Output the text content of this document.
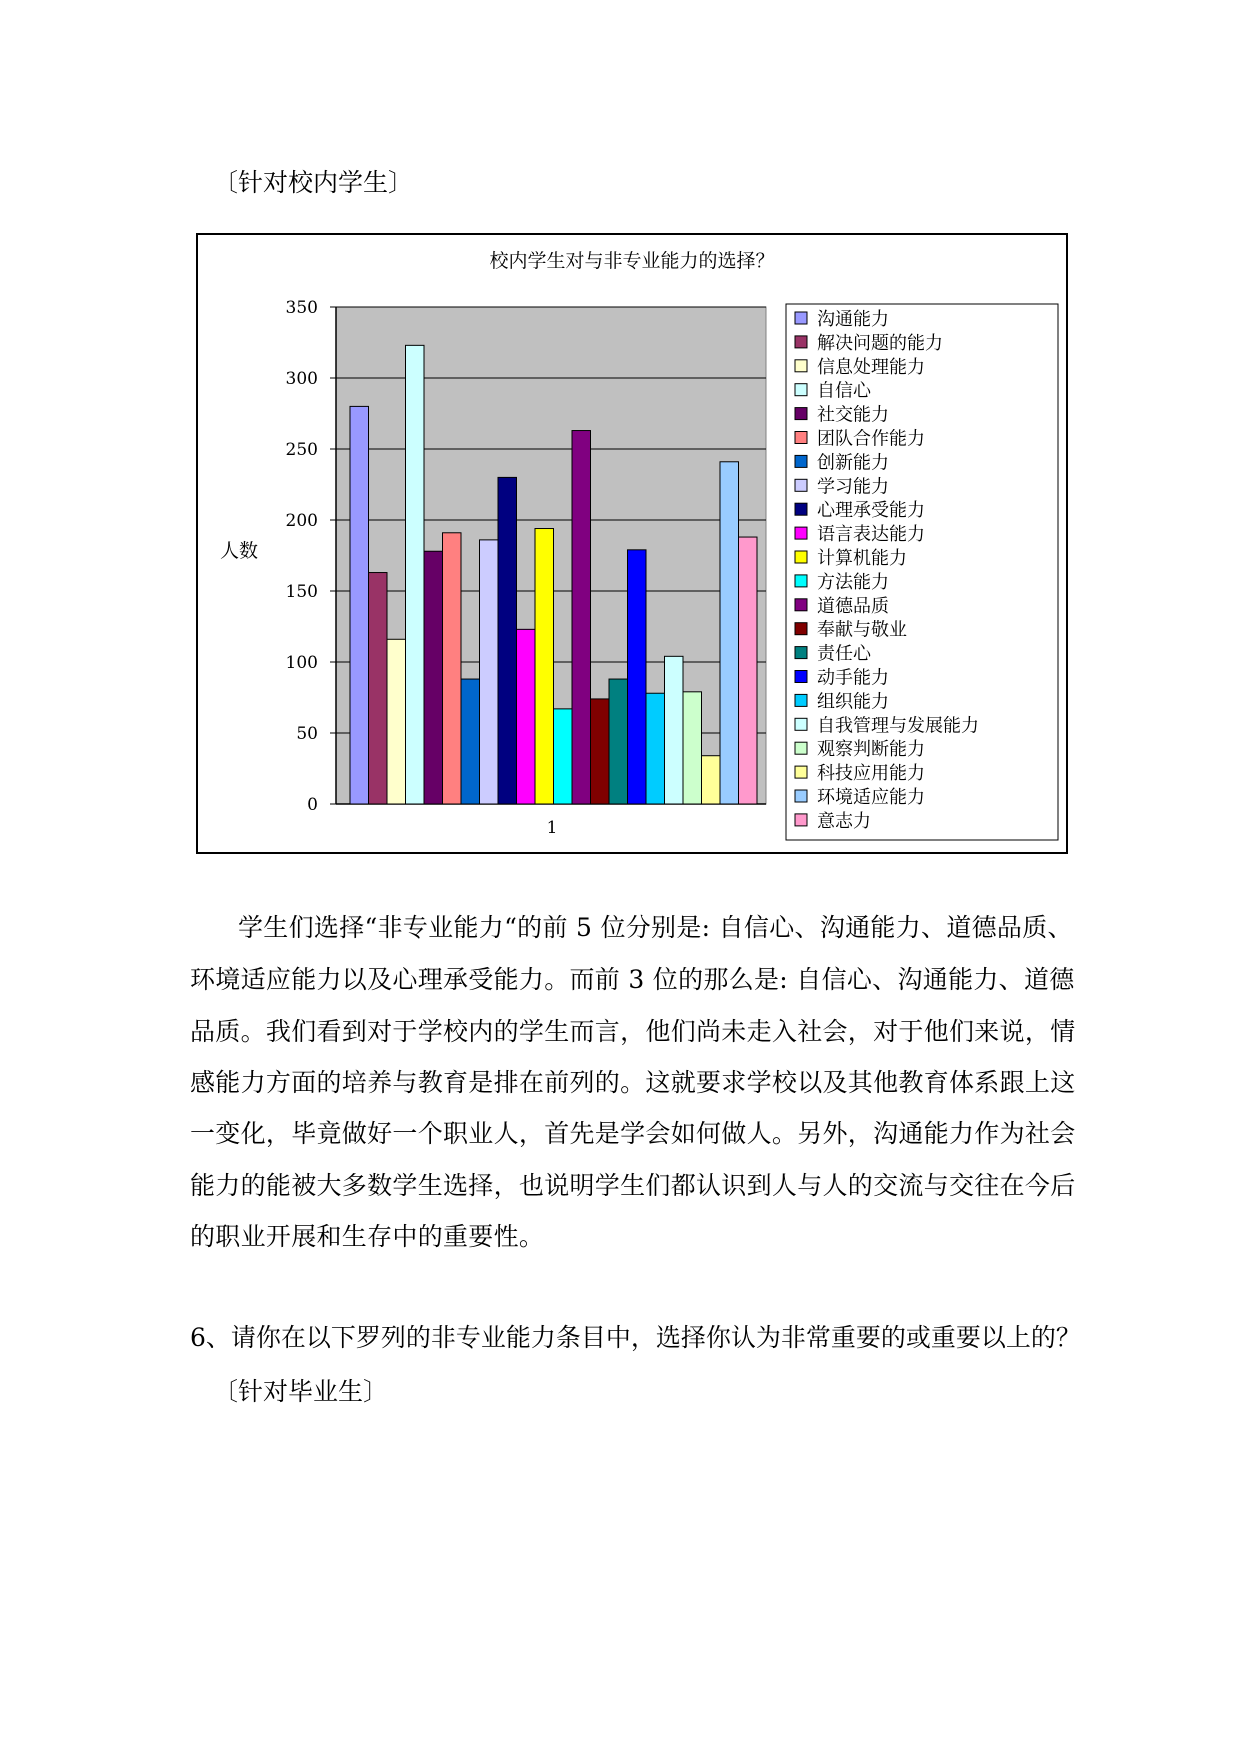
〔针对校内学生〕
校内学生对与非专业能力的选择？
0
50
100
150
200
250
300
350
人数
1
沟通能力
解决问题的能力
信息处理能力
自信心
社交能力
团队合作能力
创新能力
学习能力
心理承受能力
语言表达能力
计算机能力
方法能力
道德品质
奉献与敬业
责任心
动手能力
组织能力
自我管理与发展能力
观察判断能力
科技应用能力
环境适应能力
意志力
学生们选择“非专业能力“的前 5 位分别是: 自信心、沟通能力、道德品质、
环境适应能力以及心理承受能力。而前 3 位的那么是: 自信心、沟通能力、道德
品质。我们看到对于学校内的学生而言，他们尚未走入社会，对于他们来说，情
感能力方面的培养与教育是排在前列的。这就要求学校以及其他教育体系跟上这
一变化，毕竟做好一个职业人，首先是学会如何做人。另外，沟通能力作为社会
能力的能被大多数学生选择，也说明学生们都认识到人与人的交流与交往在今后
的职业开展和生存中的重要性。
6、请你在以下罗列的非专业能力条目中，选择你认为非常重要的或重要以上的？
〔针对毕业生〕
